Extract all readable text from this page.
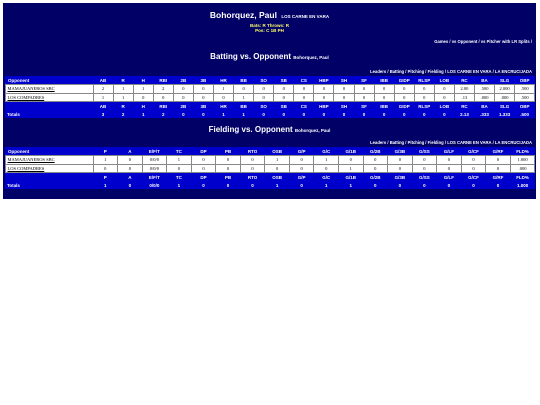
Bohorquez, Paul LOS CARNE EN VARA
Bats: R Throws: R
Pos: C 1B PH
Games / vs Opponent / vs Pitcher with LR Splits /
Batting vs. Opponent Bohorquez, Paul
Leaders / Batting / Pitching / Fielding / LOS CARNE EN VARA / LA ENCRUCIJADA
Opponent	AB	R	H	RBI	2B	3B	HR	BB	SO	SB	CS	HBP	SH	SF	IBB	GIDP	RLSP	LOB	RC	BA	SLG	OBP
MAMAJUANEROS SBC	2	1	1	2	0	0	1	0	0	0	0	0	0	0	0	0	0	0	2.00	.500	2.000	.500
LOS COMPADRES	1	1	0	0	0	0	0	1	0	0	0	0	0	0	0	0	0	0	.13	.000	.000	.500
	AB	R	H	RBI	2B	3B	HR	BB	SO	SB	CS	HBP	SH	SF	IBB	GIDP	RLSP	LOB	RC	BA	SLG	OBP
Totals	3	2	1	2	0	0	1	1	0	0	0	0	0	0	0	0	0	0	2.13	.333	1.333	.500
Fielding vs. Opponent Bohorquez, Paul
Leaders / Batting / Pitching / Fielding / LOS CARNE EN VARA / LA ENCRUCIJADA
Opponent	P	A	E/F/T	TC	DP	PB	RTO	OSB	G/P	G/C	G/1B	G/2B	G/3B	G/SS	G/LF	G/CF	G/RF	FLD%
MAMAJUANEROS SBC	1	0	0/0/0	1	0	0	0	1	0	1	0	0	0	0	0	0	0	1.000
LOS COMPADRES	0	0	0/0/0	0	0	0	0	0	0	0	1	0	0	0	0	0	0	.000
	P	A	E/F/T	TC	DP	PB	RTO	OSB	G/P	G/C	G/1B	G/2B	G/3B	G/SS	G/LF	G/CF	G/RF	FLD%
Totals	1	0	0/0/0	1	0	0	0	1	0	1	1	0	0	0	0	0	0	1.000
